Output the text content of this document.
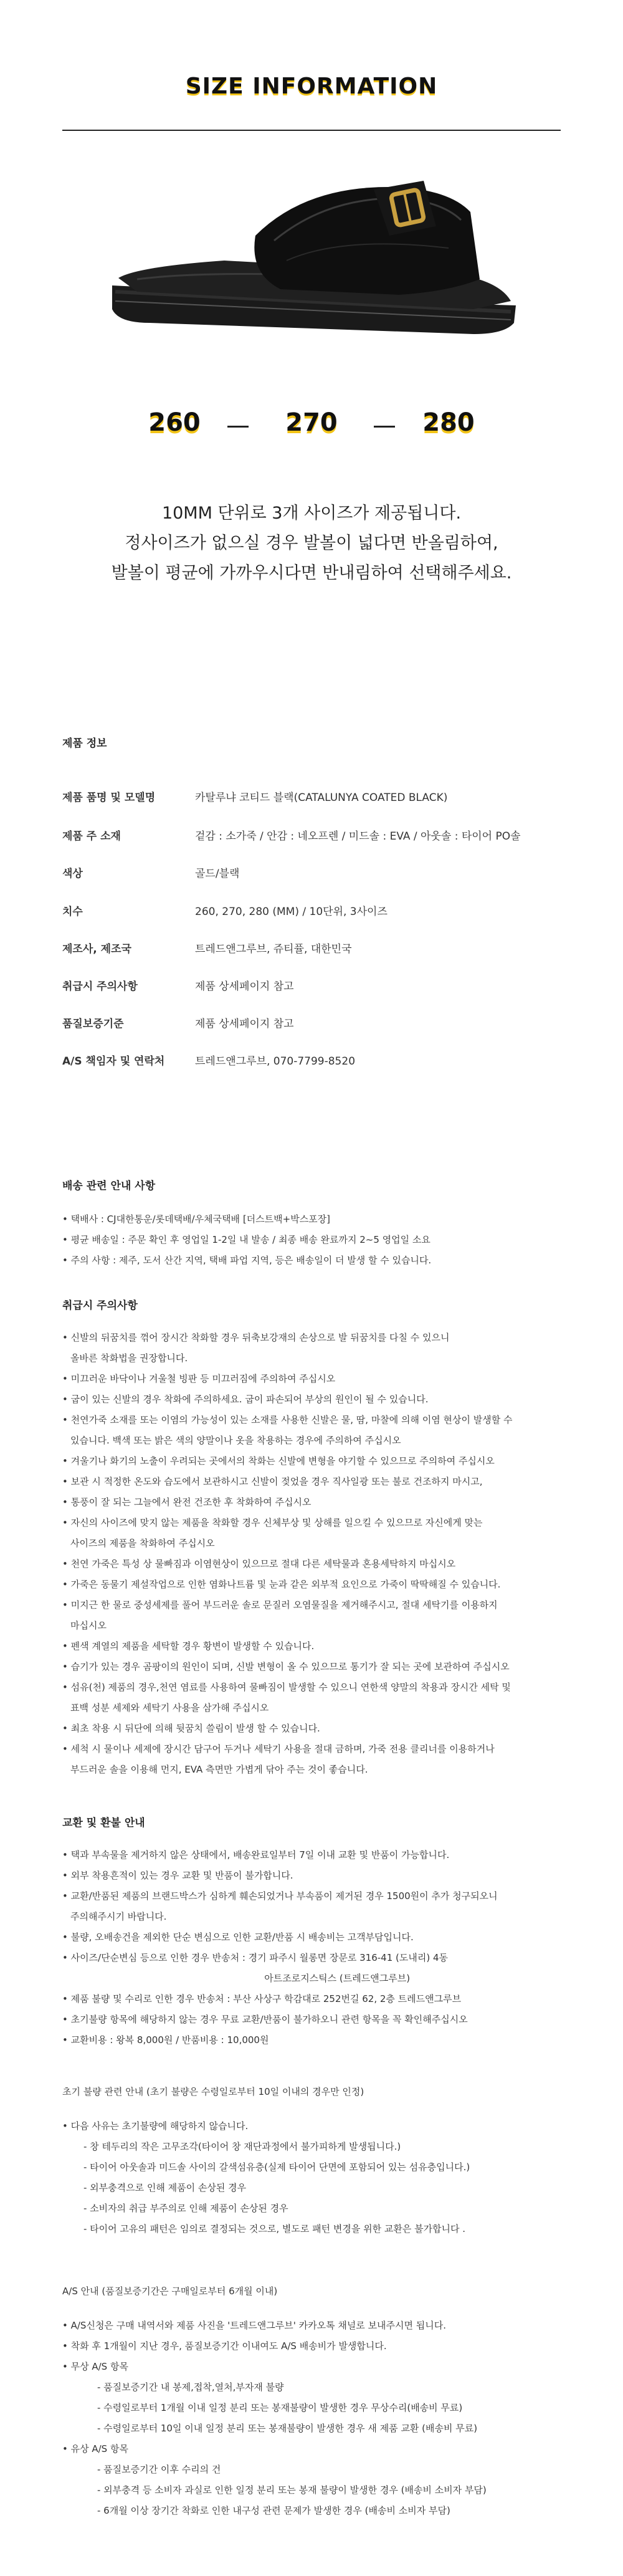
SIZE INFORMATION
260	270	280
10MM 단위로 3개 사이즈가 제공됩니다.
정사이즈가 없으실 경우 발볼이 넓다면 반올림하여,
발볼이 평균에 가까우시다면 반내림하여 선택해주세요.
제품 정보
제품 품명 및 모델명	카탈루냐 코티드 블랙(CATALUNYA COATED BLACK)
제품 주 소재	겉감 : 소가죽 / 안감 : 네오프렌 / 미드솔 : EVA / 아웃솔 : 타이어 PO솔
색상	골드/블랙
치수	260, 270, 280 (MM) / 10단위, 3사이즈
제조사, 제조국	트레드앤그루브, 쥬티퓰, 대한민국
취급시 주의사항	제품 상세페이지 참고
품질보증기준	제품 상세페이지 참고
A/S 책임자 및 연락처	트레드앤그루브, 070-7799-8520
배송 관련 안내 사항
• 택배사 : CJ대한통운/롯데택배/우체국택배 [더스트백+박스포장]
• 평균 배송일 : 주문 확인 후 영업일 1-2일 내 발송 / 최종 배송 완료까지 2~5 영업일 소요
• 주의 사항 : 제주, 도서 산간 지역, 택배 파업 지역, 등은 배송일이 더 발생 할 수 있습니다.
취급시 주의사항
• 신발의 뒤꿈치를 꺾어 장시간 착화할 경우 뒤축보강재의 손상으로 발 뒤꿈치를 다칠 수 있으니
올바른 착화법을 권장합니다.
• 미끄러운 바닥이나 겨울철 빙판 등 미끄러짐에 주의하여 주십시오
• 굽이 있는 신발의 경우 착화에 주의하세요. 굽이 파손되어 부상의 원인이 될 수 있습니다.
• 천연가죽 소재를 또는 이염의 가능성이 있는 소재를 사용한 신발은 물, 땀, 마찰에 의해 이염 현상이 발생할 수
있습니다. 백색 또는 밝은 색의 양말이나 옷을 착용하는 경우에 주의하여 주십시오
• 겨울기나 화기의 노출이 우려되는 곳에서의 착화는 신발에 변형을 야기할 수 있으므로 주의하여 주십시오
• 보관 시 적정한 온도와 습도에서 보관하시고 신발이 젖었을 경우 직사일광 또는 불로 건조하지 마시고,
• 통풍이 잘 되는 그늘에서 완전 건조한 후 착화하여 주십시오
• 자신의 사이즈에 맞지 않는 제품을 착화할 경우 신체부상 및 상해를 일으킬 수 있으므로 자신에게 맞는
사이즈의 제품을 착화하여 주십시오
• 천연 가죽은 특성 상 물빠짐과 이염현상이 있으므로 절대 다른 세탁물과 혼용세탁하지 마십시오
• 가죽은 동물기 제설작업으로 인한 염화나트륨 및 눈과 같은 외부적 요인으로 가죽이 딱딱해질 수 있습니다.
• 미지근 한 물로 중성세제를 풀어 부드러운 솔로 문질러 오염물질을 제거해주시고, 절대 세탁기를 이용하지
마십시오
• 펜색 계열의 제품을 세탁할 경우 황변이 발생할 수 있습니다.
• 습기가 있는 경우 곰팡이의 원인이 되며, 신발 변형이 올 수 있으므로 통기가 잘 되는 곳에 보관하여 주십시오
• 섬유(천) 제품의 경우,천연 염료를 사용하여 물빠짐이 발생할 수 있으니 연한색 양말의 착용과 장시간 세탁 및
표백 성분 세제와 세탁기 사용을 삼가해 주십시오
• 최초 착용 시 뒤단에 의해 뒷꿈치 쓸림이 발생 할 수 있습니다.
• 세척 시 물이나 세제에 장시간 담구어 두거나 세탁기 사용을 절대 금하며, 가죽 전용 클리너를 이용하거나
부드러운 솔을 이용해 먼지, EVA 측면만 가볍게 닦아 주는 것이 좋습니다.
교환 및 환불 안내
• 택과 부속물을 제거하지 않은 상태에서, 배송완료일부터 7일 이내 교환 및 반품이 가능합니다.
• 외부 착용흔적이 있는 경우 교환 및 반품이 불가합니다.
• 교환/반품된 제품의 브랜드박스가 심하게 훼손되었거나 부속품이 제거된 경우 1500원이 추가 청구되오니
주의해주시기 바랍니다.
• 불량, 오배송건을 제외한 단순 변심으로 인한 교환/반품 시 배송비는 고객부담입니다.
• 사이즈/단순변심 등으로 인한 경우 반송처 : 경기 파주시 월롱면 장문로 316-41 (도내리) 4동
아트조로지스틱스 (트레드앤그루브)
• 제품 불량 및 수리로 인한 경우 반송처 : 부산 사상구 학감대로 252번길 62, 2층 트레드앤그루브
• 초기불량 항목에 해당하지 않는 경우 무료 교환/반품이 불가하오니 관련 항목을 꼭 확인해주십시오
• 교환비용 : 왕복 8,000원 / 반품비용 : 10,000원
초기 불량 관련 안내 (초기 불량은 수령일로부터 10일 이내의 경우만 인정)
• 다음 사유는 초기불량에 해당하지 않습니다.
- 창 테두리의 작은 고무조각(타이어 창 재단과정에서 불가피하게 발생됩니다.)
- 타이어 아웃솔과 미드솔 사이의 갈색섬유층(실제 타이어 단면에 포함되어 있는 섬유층입니다.)
- 외부충격으로 인해 제품이 손상된 경우
- 소비자의 취급 부주의로 인해 제품이 손상된 경우
- 타이어 고유의 패턴은 임의로 결정되는 것으로, 별도로 패턴 변경을 위한 교환은 불가합니다 .
A/S 안내 (품질보증기간은 구매일로부터 6개월 이내)
• A/S신청은 구매 내역서와 제품 사진을 '트레드앤그루브' 카카오톡 채널로 보내주시면 됩니다.
• 착화 후 1개월이 지난 경우, 품질보증기간 이내여도 A/S 배송비가 발생합니다.
• 무상 A/S 항목
- 품질보증기간 내 봉제,접착,열처,부자재 불량
- 수령일로부터 1개월 이내 일정 분리 또는 봉재불량이 발생한 경우 무상수리(배송비 무료)
- 수령일로부터 10일 이내 일정 분리 또는 봉재불량이 발생한 경우 새 제품 교환 (배송비 무료)
• 유상 A/S 항목
- 품질보증기간 이후 수리의 건
- 외부충격 등 소비자 과실로 인한 일정 분리 또는 봉재 불량이 발생한 경우 (배송비 소비자 부담)
- 6개월 이상 장기간 착화로 인한 내구성 관련 문제가 발생한 경우 (배송비 소비자 부담)
